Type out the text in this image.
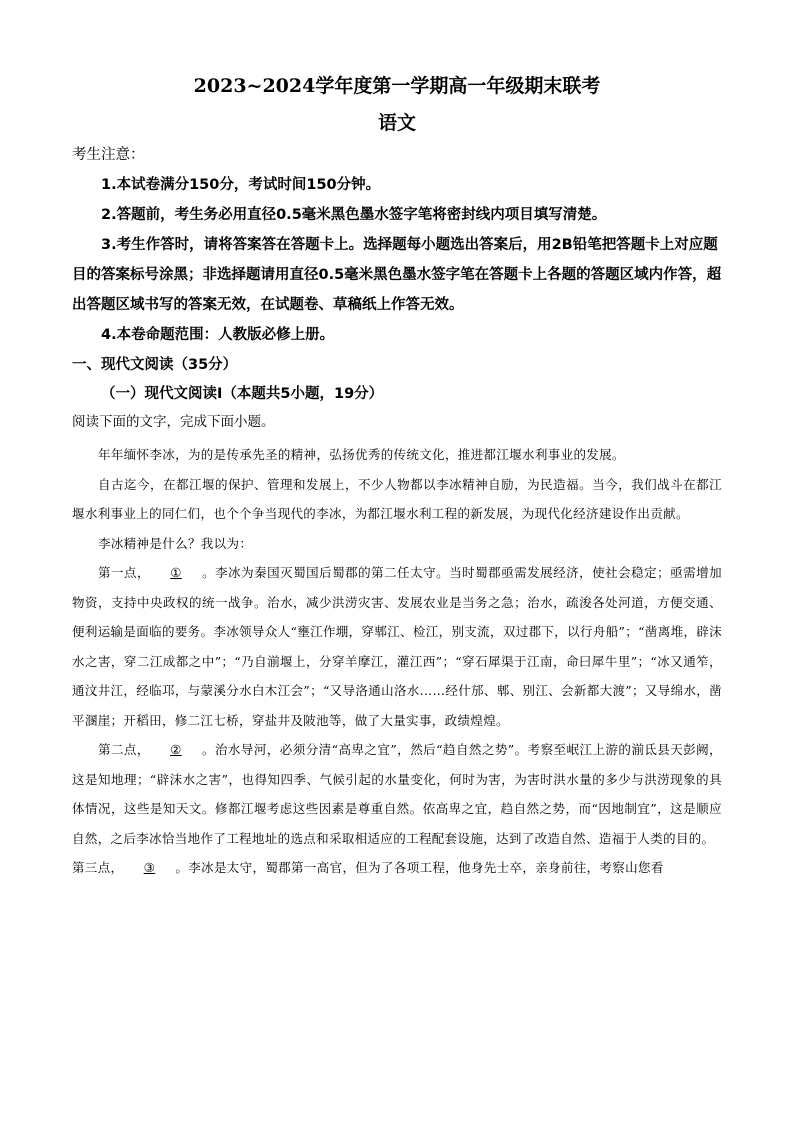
2023~2024学年度第一学期高一年级期末联考
语文
考生注意：
1.本试卷满分150分，考试时间150分钟。
2.答题前，考生务必用直径0.5毫米黑色墨水签字笔将密封线内项目填写清楚。
3.考生作答时，请将答案答在答题卡上。选择题每小题选出答案后，用2B铅笔把答题卡上对应题目的答案标号涂黑；非选择题请用直径0.5毫米黑色墨水签字笔在答题卡上各题的答题区域内作答，超出答题区域书写的答案无效，在试题卷、草稿纸上作答无效。
4.本卷命题范围：人教版必修上册。
一、现代文阅读（35分）
（一）现代文阅读Ⅰ（本题共5小题，19分）
阅读下面的文字，完成下面小题。

年年缅怀李冰，为的是传承先圣的精神，弘扬优秀的传统文化，推进都江堰水利事业的发展。

自古迄今，在都江堰的保护、管理和发展上，不少人物都以李冰精神自励，为民造福。当今，我们战斗在都江堰水利事业上的同仁们，也个个争当现代的李冰，为都江堰水利工程的新发展，为现代化经济建设作出贡献。

李冰精神是什么？我以为：

第一点， ① 。李冰为秦国灭蜀国后蜀郡的第二任太守。当时蜀郡亟需发展经济，使社会稳定；亟需增加物资，支持中央政权的统一战争。治水，减少洪涝灾害、发展农业是当务之急；治水，疏浚各处河道，方便交通、便利运输是面临的要务。李冰领导众人“壅江作堋，穿郫江、检江，别支流，双过郡下，以行舟船”；“凿离堆，辟沫水之害，穿二江成都之中”；“乃自湔堰上，分穿羊摩江，灌江西”；“穿石犀渠于江南，命曰犀牛里”；“冰又通笮，通汶井江，经临邛，与蒙溪分水白木江会”；“又导洛通山洛水……经什邡、郫、别江、会新都大渡”；又导绵水，凿平溷崖；开稻田，修二江七桥，穿盐井及陂池等，做了大量实事，政绩煌煌。

第二点， ② 。治水导河，必须分清“高卑之宜”，然后“趋自然之势”。考察至岷江上游的湔氐县天彭阙，这是知地理；“辟沫水之害”，也得知四季、气候引起的水量变化，何时为害，为害时洪水量的多少与洪涝现象的具体情况，这些是知天文。修都江堰考虑这些因素是尊重自然。依高卑之宜，趋自然之势，而“因地制宜”，这是顺应自然，之后李冰恰当地作了工程地址的选点和采取相适应的工程配套设施，达到了改造自然、造福于人类的目的。

第三点， ③ 。李冰是太守，蜀郡第一高官，但为了各项工程，他身先士卒，亲身前往，考察山您看
